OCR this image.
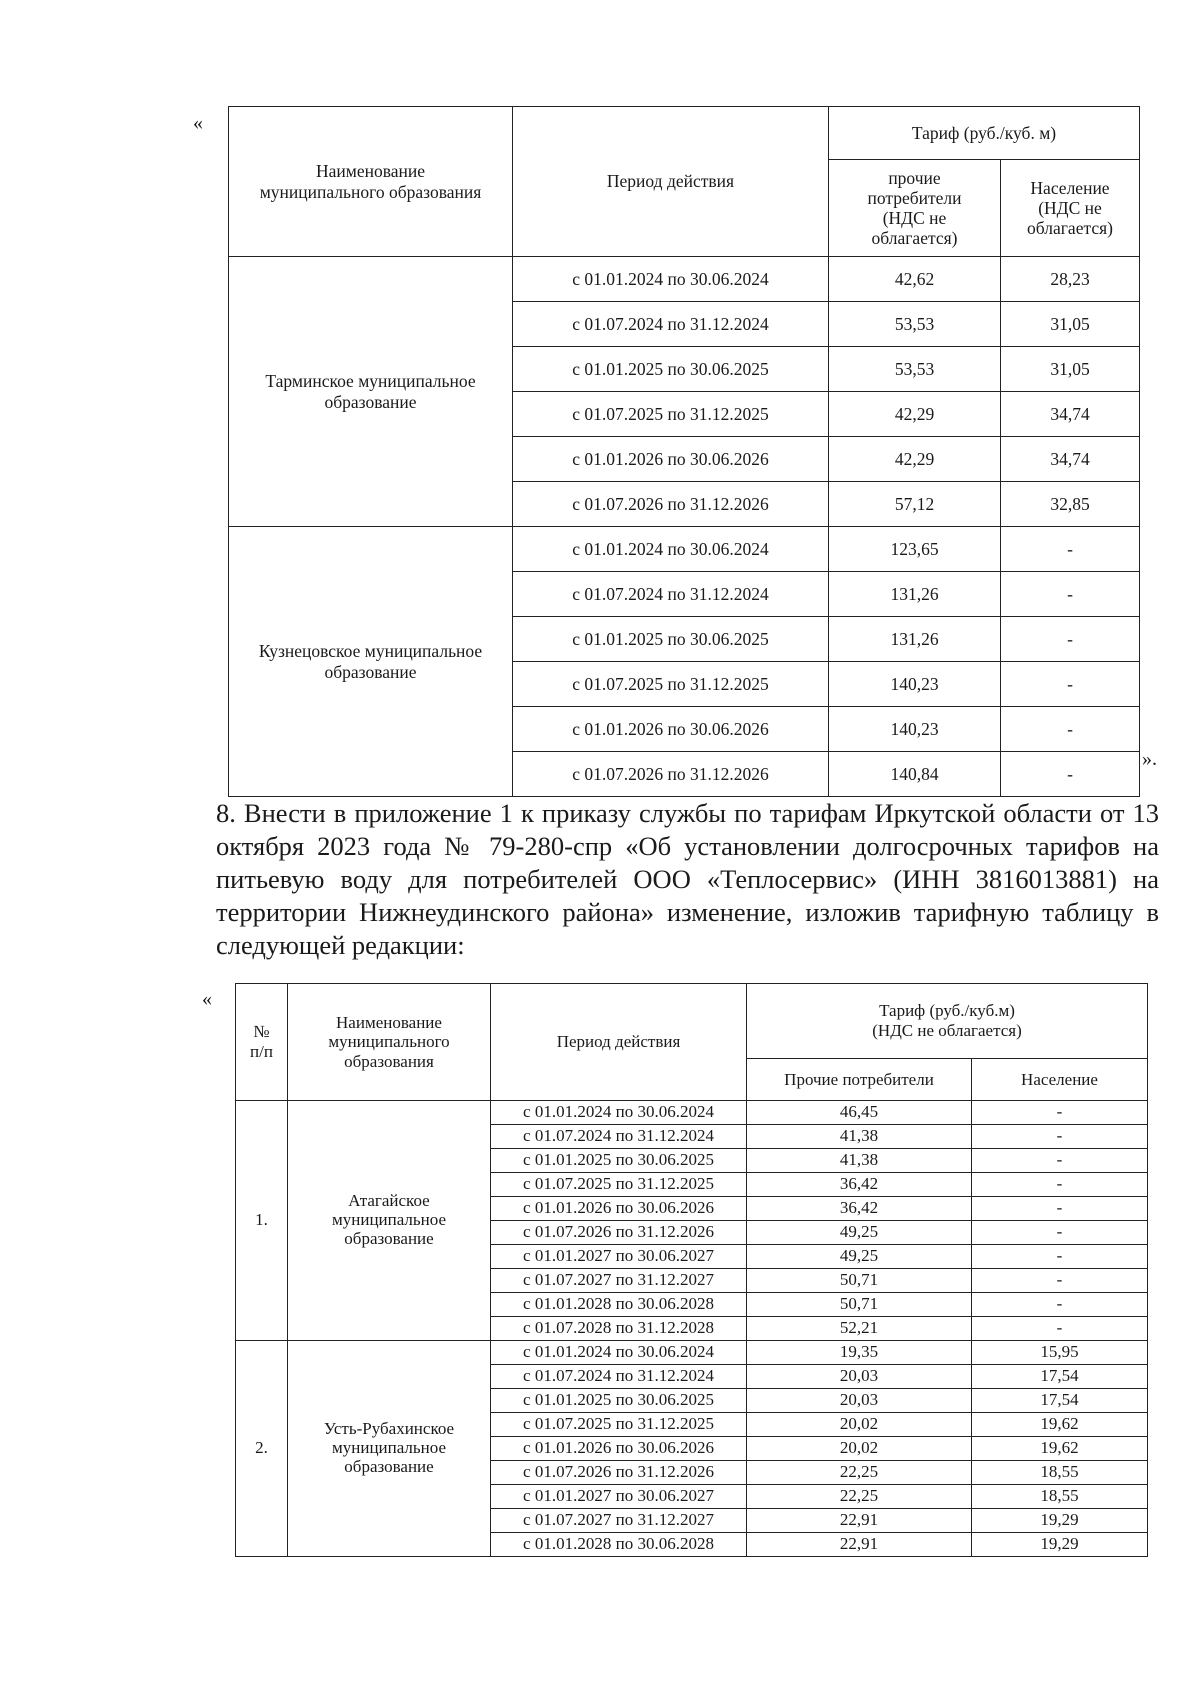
«
Наименование
муниципального образования	Период действия	Тариф (руб./куб. м)	
		прочие
потребители
(НДС не
облагается)	Население
(НДС не
облагается)
Тарминское муниципальное образование	с 01.01.2024 по 30.06.2024	42,62	28,23
	с 01.07.2024 по 31.12.2024	53,53	31,05
	с 01.01.2025 по 30.06.2025	53,53	31,05
	с 01.07.2025 по 31.12.2025	42,29	34,74
	с 01.01.2026 по 30.06.2026	42,29	34,74
	с 01.07.2026 по 31.12.2026	57,12	32,85
Кузнецовское муниципальное образование	с 01.01.2024 по 30.06.2024	123,65	-
	с 01.07.2024 по 31.12.2024	131,26	-
	с 01.01.2025 по 30.06.2025	131,26	-
	с 01.07.2025 по 31.12.2025	140,23	-
	с 01.01.2026 по 30.06.2026	140,23	-
	с 01.07.2026 по 31.12.2026	140,84	-
».

8. Внести в приложение 1 к приказу службы по тарифам Иркутской области от 13 октября 2023 года № 79-280-спр «Об установлении долгосрочных тарифов на питьевую воду для потребителей ООО «Теплосервис» (ИНН 3816013881) на территории Нижнеудинского района» изменение, изложив тарифную таблицу в следующей редакции:

«
№
п/п	Наименование
муниципального
образования	Период действия	Тариф (руб./куб.м)
(НДС не облагается)	
			Прочие потребители	Население
1.	Атагайское
муниципальное
образование	с 01.01.2024 по 30.06.2024	46,45	-
		с 01.07.2024 по 31.12.2024	41,38	-
		с 01.01.2025 по 30.06.2025	41,38	-
		с 01.07.2025 по 31.12.2025	36,42	-
		с 01.01.2026 по 30.06.2026	36,42	-
		с 01.07.2026 по 31.12.2026	49,25	-
		с 01.01.2027 по 30.06.2027	49,25	-
		с 01.07.2027 по 31.12.2027	50,71	-
		с 01.01.2028 по 30.06.2028	50,71	-
		с 01.07.2028 по 31.12.2028	52,21	-
2.	Усть-Рубахинское
муниципальное
образование	с 01.01.2024 по 30.06.2024	19,35	15,95
		с 01.07.2024 по 31.12.2024	20,03	17,54
		с 01.01.2025 по 30.06.2025	20,03	17,54
		с 01.07.2025 по 31.12.2025	20,02	19,62
		с 01.01.2026 по 30.06.2026	20,02	19,62
		с 01.07.2026 по 31.12.2026	22,25	18,55
		с 01.01.2027 по 30.06.2027	22,25	18,55
		с 01.07.2027 по 31.12.2027	22,91	19,29
		с 01.01.2028 по 30.06.2028	22,91	19,29
